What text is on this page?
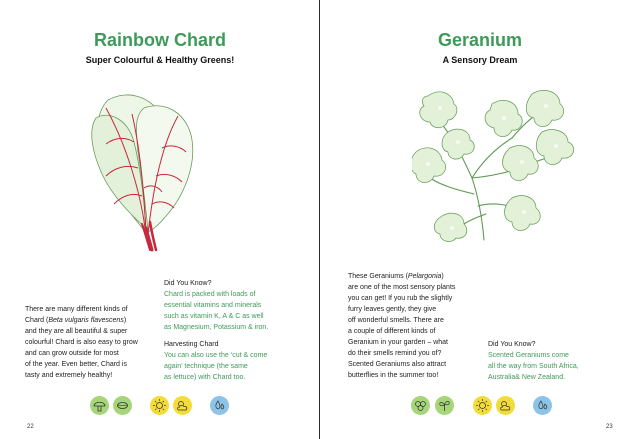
Rainbow Chard
Super Colourful & Healthy Greens!
There are many different kinds of
Chard (Beta vulgaris flavescens)
and they are all beautiful & super
colourful! Chard is also easy to grow
and can grow outside for most
of the year. Even better, Chard is
tasty and extremely healthy!
Did You Know?
Chard is packed with loads of
essential vitamins and minerals
such as vitamin K, A & C as well
as Magnesium, Potassium & iron.
Harvesting Chard
You can also use the ‘cut & come
again’ technique (the same
as lettuce) with Chard too.
22
Geranium
A Sensory Dream
These Geraniums (Pelargonia)
are one of the most sensory plants
you can get! If you rub the slightly
furry leaves gently, they give
off wonderful smells. There are
a couple of different kinds of
Geranium in your garden – what
do their smells remind you of?
Scented Geraniums also attract
butterflies in the summer too!
Did You Know?
Scented Geraniums come
all the way from South Africa,
Australia& New Zealand.
23
